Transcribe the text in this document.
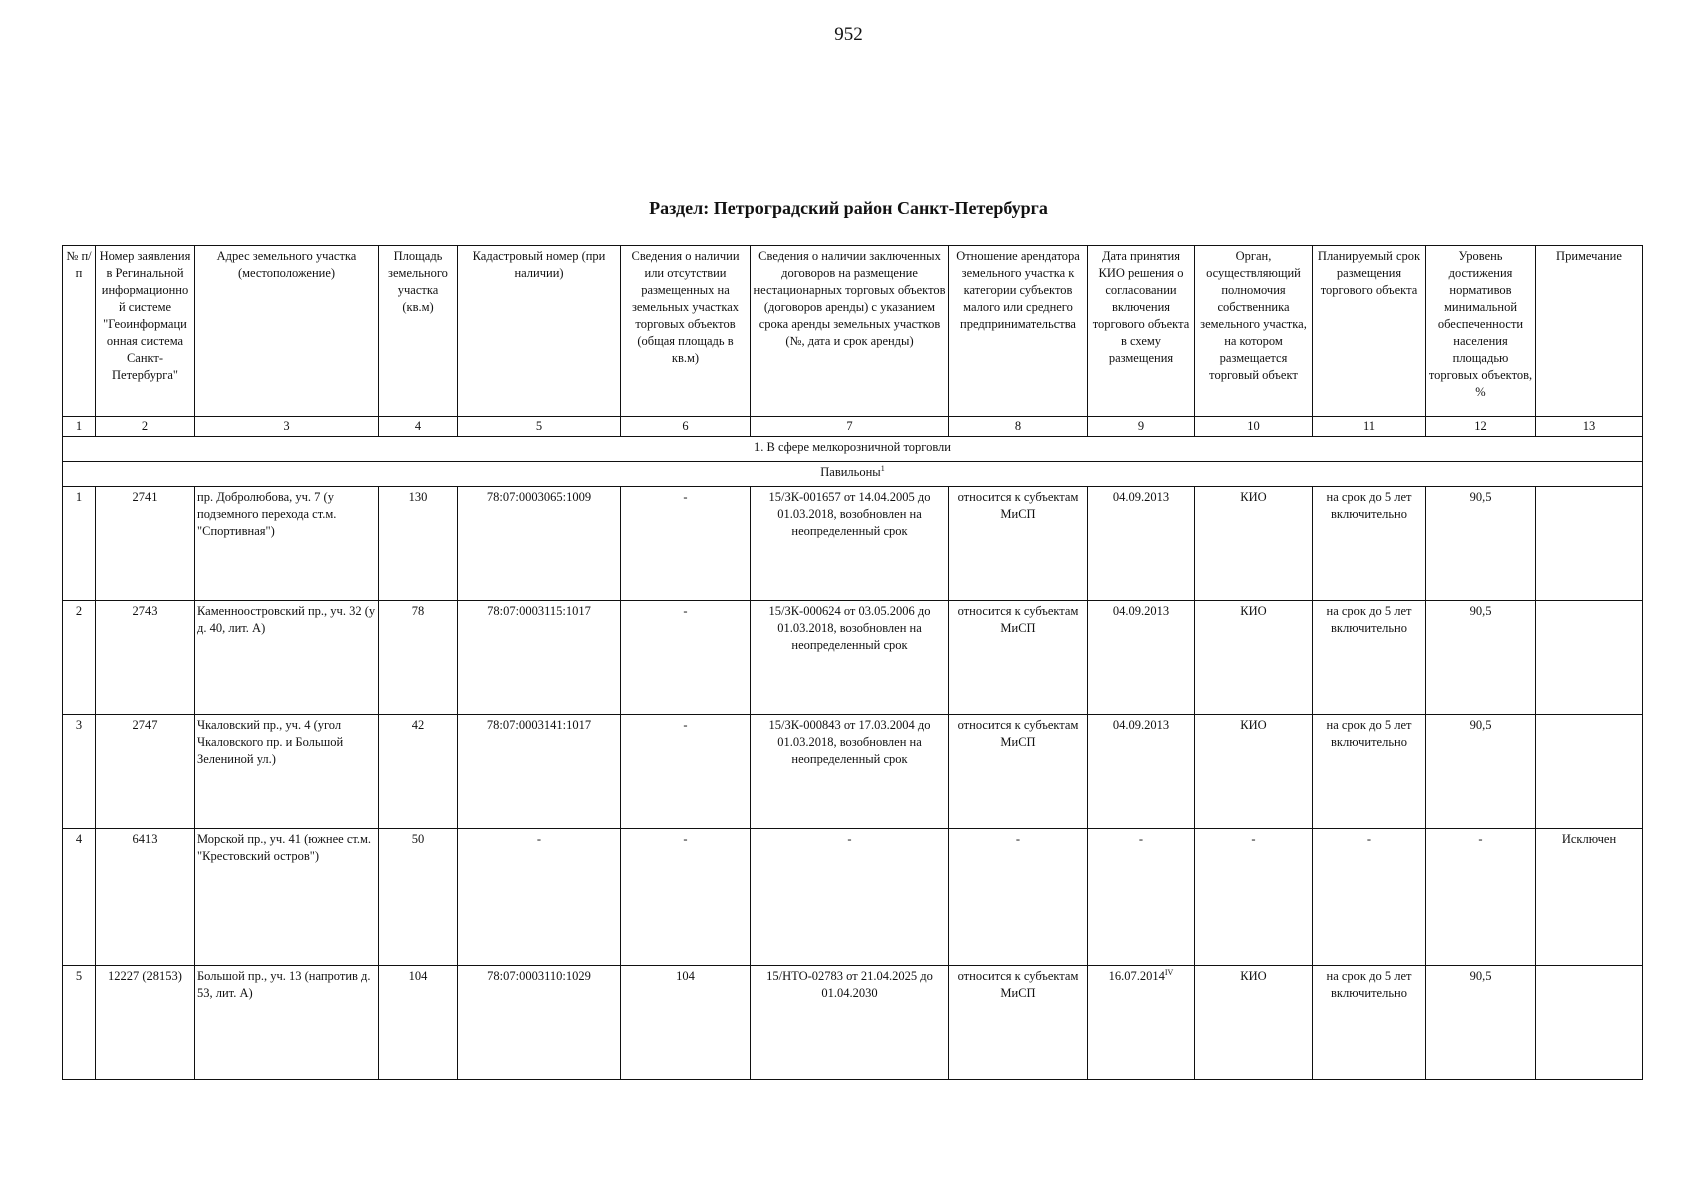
952
Раздел: Петроградский район Санкт-Петербурга
№ п/п	Номер заявления в Регинальной информационно й системе "Геоинформаци онная система Санкт-Петербурга"	Адрес земельного участка (местоположение)	Площадь земельного участка (кв.м)	Кадастровый номер (при наличии)	Сведения о наличии или отсутствии размещенных на земельных участках торговых объектов (общая площадь в кв.м)	Сведения о наличии заключенных договоров на размещение нестационарных торговых объектов (договоров аренды) с указанием срока аренды земельных участков (№, дата и срок аренды)	Отношение арендатора земельного участка к категории субъектов малого или среднего предпринимательства	Дата принятия КИО решения о согласовании включения торгового объекта в схему размещения	Орган, осуществляющий полномочия собственника земельного участка, на котором размещается торговый объект	Планируемый срок размещения торгового объекта	Уровень достижения нормативов минимальной обеспеченности населения площадью торговых объектов, %	Примечание
1	2	3	4	5	6	7	8	9	10	11	12	13
1. В сфере мелкорозничной торговли												
Павильоны$^1$
1	2741	пр. Добролюбова, уч. 7 (у подземного перехода ст.м. "Спортивная")	130	78:07:0003065:1009	-	15/ЗК-001657 от 14.04.2005 до 01.03.2018, возобновлен на неопределенный срок	относится к субъектам МиСП	04.09.2013	КИО	на срок до 5 лет включительно	90,5	
2	2743	Каменноостровский пр., уч. 32 (у д. 40, лит. А)	78	78:07:0003115:1017	-	15/ЗК-000624 от 03.05.2006 до 01.03.2018, возобновлен на неопределенный срок	относится к субъектам МиСП	04.09.2013	КИО	на срок до 5 лет включительно	90,5	
3	2747	Чкаловский пр., уч. 4 (угол Чкаловского пр. и Большой Зелениной ул.)	42	78:07:0003141:1017	-	15/ЗК-000843 от 17.03.2004 до 01.03.2018, возобновлен на неопределенный срок	относится к субъектам МиСП	04.09.2013	КИО	на срок до 5 лет включительно	90,5	
4	6413	Морской пр., уч. 41 (южнее ст.м. "Крестовский остров")	50	-	-	-	-	-	-	-	-	Исключен
5	12227 (28153)	Большой пр., уч. 13 (напротив д. 53, лит. А)	104	78:07:0003110:1029	104	15/НТО-02783 от 21.04.2025 до 01.04.2030	относится к субъектам МиСП	$16.07.2014^{IV}$	КИО	на срок до 5 лет включительно	90,5	
